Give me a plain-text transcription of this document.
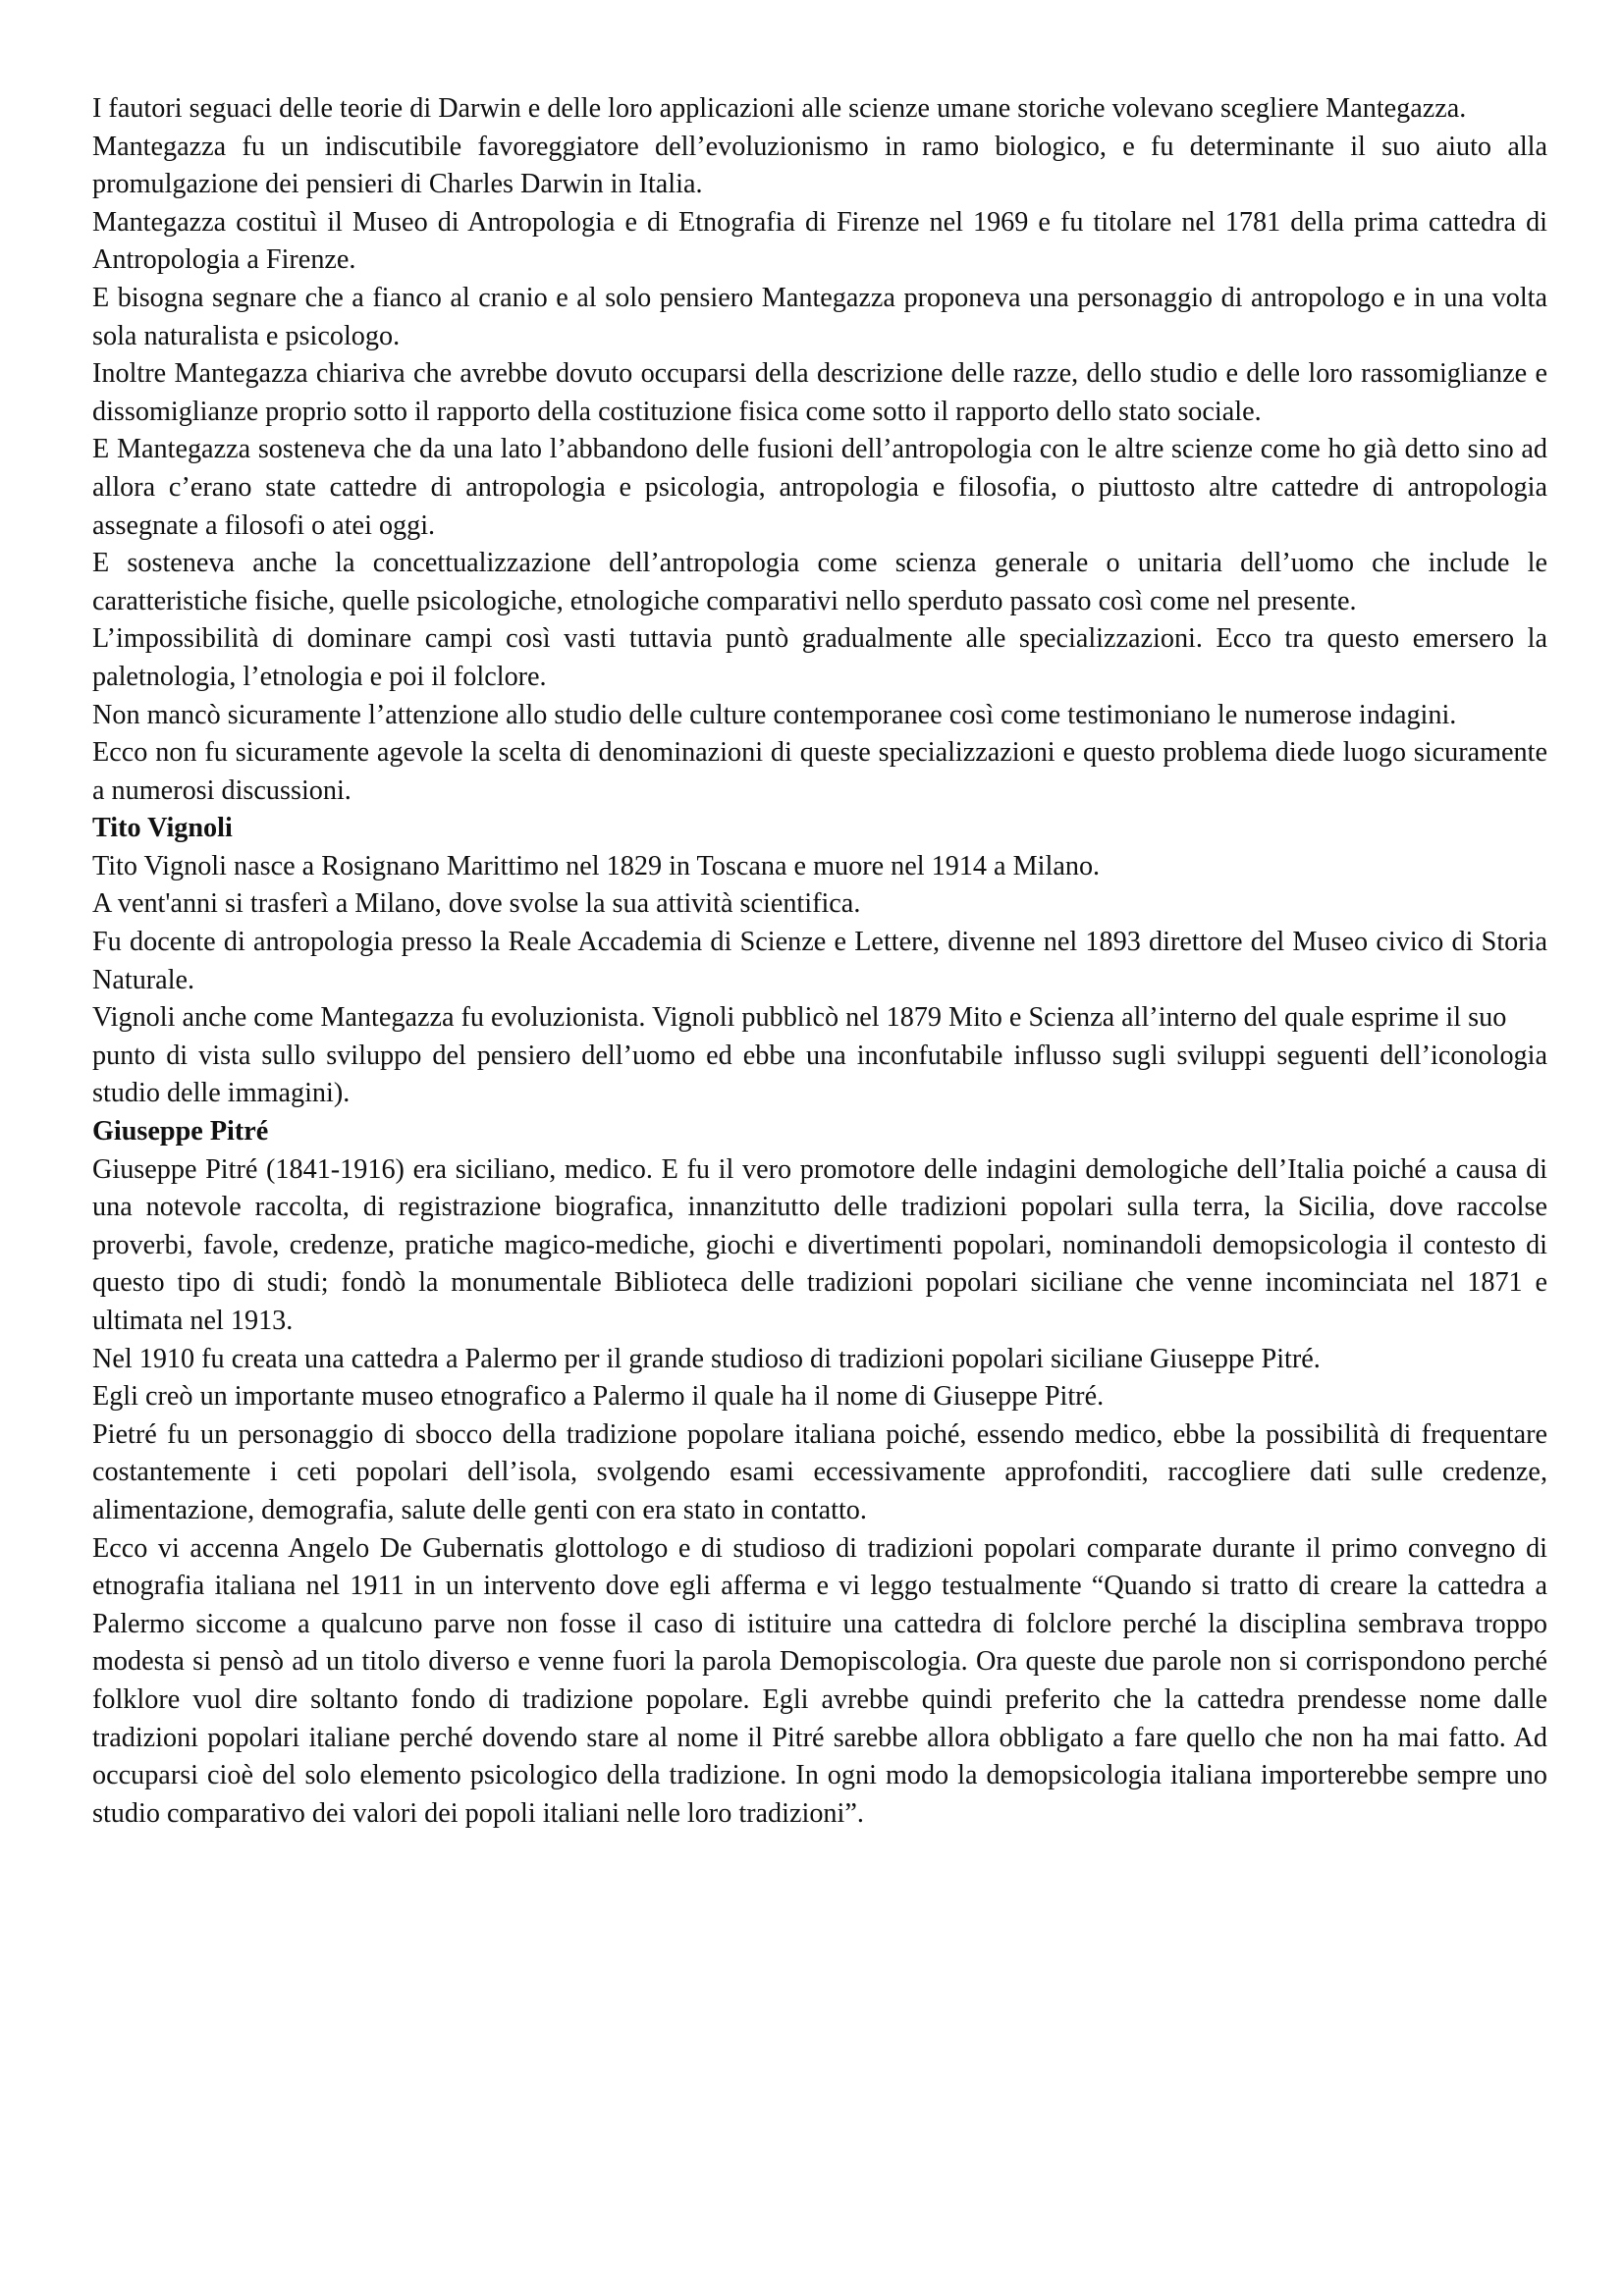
I fautori seguaci delle teorie di Darwin e delle loro applicazioni alle scienze umane storiche volevano scegliere Mantegazza.

Mantegazza fu un indiscutibile favoreggiatore dell’evoluzionismo in ramo biologico, e fu determinante il suo aiuto alla promulgazione dei pensieri di Charles Darwin in Italia.

Mantegazza costituì il Museo di Antropologia e di Etnografia di Firenze nel 1969 e fu titolare nel 1781 della prima cattedra di Antropologia a Firenze.

E bisogna segnare che a fianco al cranio e al solo pensiero Mantegazza proponeva una personaggio di antropologo e in una volta sola naturalista e psicologo.

Inoltre Mantegazza chiariva che avrebbe dovuto occuparsi della descrizione delle razze, dello studio e delle loro rassomiglianze e dissomiglianze proprio sotto il rapporto della costituzione fisica come sotto il rapporto dello stato sociale.

E Mantegazza sosteneva che da una lato l’abbandono delle fusioni dell’antropologia con le altre scienze come ho già detto sino ad allora c’erano state cattedre di antropologia e psicologia, antropologia e filosofia, o piuttosto altre cattedre di antropologia assegnate a filosofi o atei oggi.

E sosteneva anche la concettualizzazione dell’antropologia come scienza generale o unitaria dell’uomo che include le caratteristiche fisiche, quelle psicologiche, etnologiche comparativi nello sperduto passato così come nel presente.

L’impossibilità di dominare campi così vasti tuttavia puntò gradualmente alle specializzazioni. Ecco tra questo emersero la paletnologia, l’etnologia e poi il folclore.

Non mancò sicuramente l’attenzione allo studio delle culture contemporanee così come testimoniano le numerose indagini.

Ecco non fu sicuramente agevole la scelta di denominazioni di queste specializzazioni e questo problema diede luogo sicuramente a numerosi discussioni.

Tito Vignoli

Tito Vignoli nasce a Rosignano Marittimo nel 1829 in Toscana e muore nel 1914 a Milano.

A vent'anni si trasferì a Milano, dove svolse la sua attività scientifica.

Fu docente di antropologia presso la Reale Accademia di Scienze e Lettere, divenne nel 1893 direttore del Museo civico di Storia Naturale.

Vignoli anche come Mantegazza fu evoluzionista. Vignoli pubblicò nel 1879 Mito e Scienza all’interno del quale esprime il suo

punto di vista sullo sviluppo del pensiero dell’uomo ed ebbe una inconfutabile influsso sugli sviluppi seguenti dell’iconologia studio delle immagini).

Giuseppe Pitré

Giuseppe Pitré (1841-1916) era siciliano, medico. E fu il vero promotore delle indagini demologiche dell’Italia poiché a causa di una notevole raccolta, di registrazione biografica, innanzitutto delle tradizioni popolari sulla terra, la Sicilia, dove raccolse proverbi, favole, credenze, pratiche magico-mediche, giochi e divertimenti popolari, nominandoli demopsicologia il contesto di questo tipo di studi; fondò la monumentale Biblioteca delle tradizioni popolari siciliane che venne incominciata nel 1871 e ultimata nel 1913.

Nel 1910 fu creata una cattedra a Palermo per il grande studioso di tradizioni popolari siciliane Giuseppe Pitré.

Egli creò un importante museo etnografico a Palermo il quale ha il nome di Giuseppe Pitré.

Pietré fu un personaggio di sbocco della tradizione popolare italiana poiché, essendo medico, ebbe la possibilità di frequentare costantemente i ceti popolari dell’isola, svolgendo esami eccessivamente approfonditi, raccogliere dati sulle credenze, alimentazione, demografia, salute delle genti con era stato in contatto.

Ecco vi accenna Angelo De Gubernatis glottologo e di studioso di tradizioni popolari comparate durante il primo convegno di etnografia italiana nel 1911 in un intervento dove egli afferma e vi leggo testualmente “Quando si tratto di creare la cattedra a Palermo siccome a qualcuno parve non fosse il caso di istituire una cattedra di folclore perché la disciplina sembrava troppo modesta si pensò ad un titolo diverso e venne fuori la parola Demopiscologia. Ora queste due parole non si corrispondono perché folklore vuol dire soltanto fondo di tradizione popolare. Egli avrebbe quindi preferito che la cattedra prendesse nome dalle tradizioni popolari italiane perché dovendo stare al nome il Pitré sarebbe allora obbligato a fare quello che non ha mai fatto. Ad occuparsi cioè del solo elemento psicologico della tradizione. In ogni modo la demopsicologia italiana importerebbe sempre uno studio comparativo dei valori dei popoli italiani nelle loro tradizioni”.
